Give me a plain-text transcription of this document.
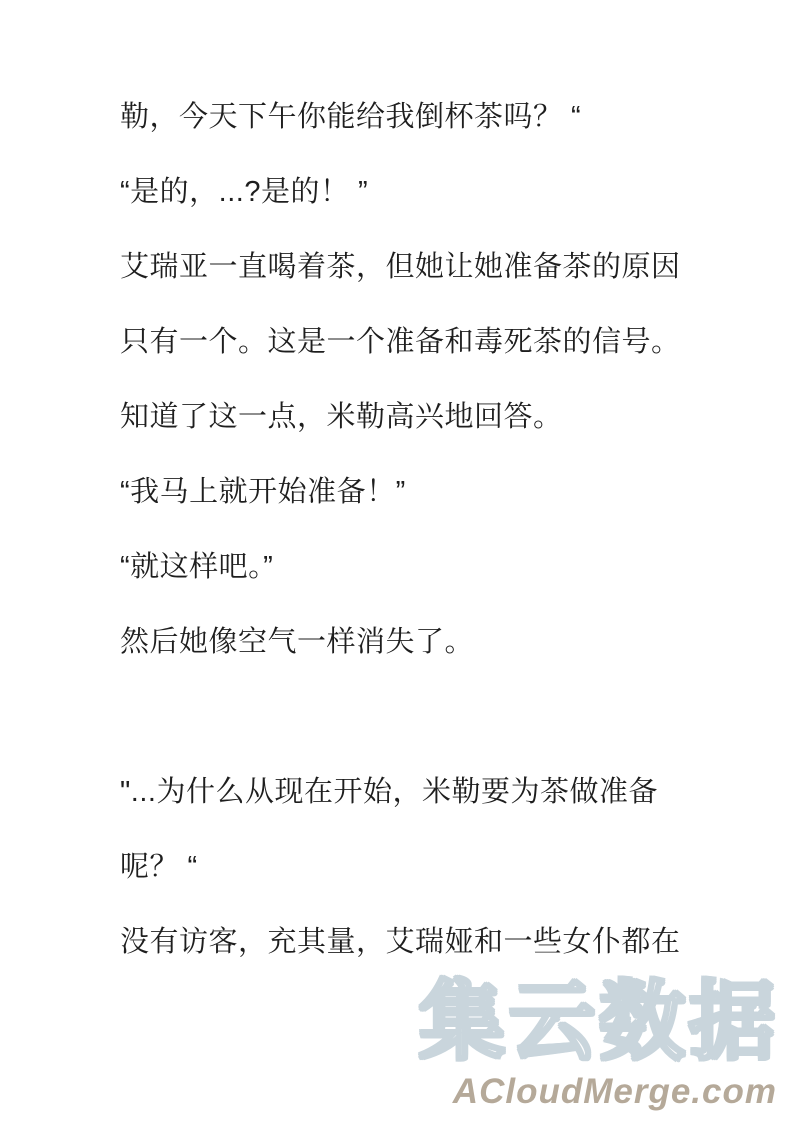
勒，今天下午你能给我倒杯茶吗？ “
“是的，...?是的！ ”
艾瑞亚一直喝着茶，但她让她准备茶的原因
只有一个。这是一个准备和毒死茶的信号。
知道了这一点，米勒高兴地回答。
“我马上就开始准备！”
“就这样吧。”
然后她像空气一样消失了。
"...为什么从现在开始，米勒要为茶做准备
呢？ “
没有访客，充其量，艾瑞娅和一些女仆都在
集云数据
ACloudMerge.com
